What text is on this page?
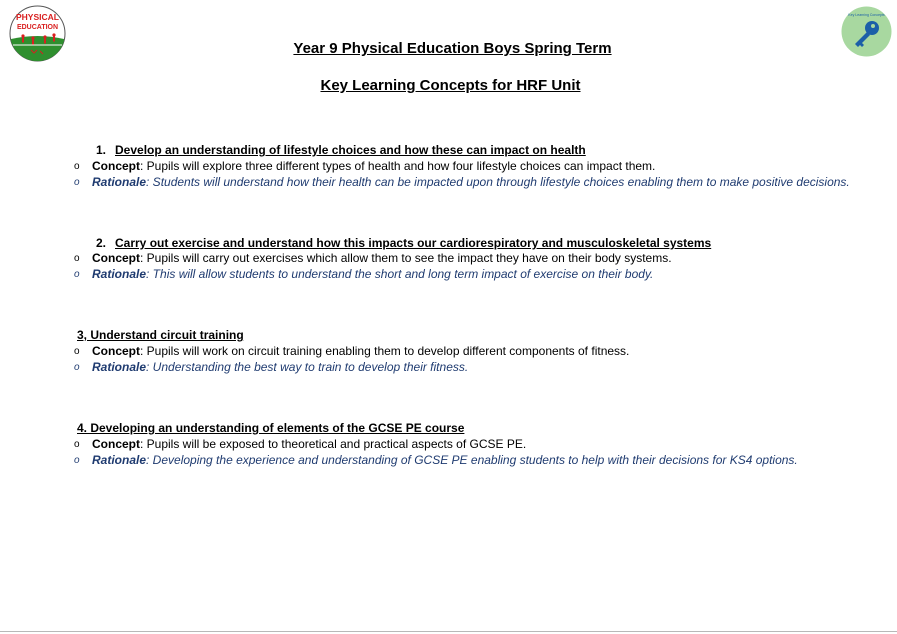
PHYSICAL
EDUCATION
Key Learning Concepts
Year 9 Physical Education Boys Spring Term
Key Learning Concepts for HRF Unit
1. Develop an understanding of lifestyle choices and how these can impact on health
o Concept: Pupils will explore three different types of health and how four lifestyle choices can impact them.
o Rationale: Students will understand how their health can be impacted upon through lifestyle choices enabling them to make positive decisions.
2. Carry out exercise and understand how this impacts our cardiorespiratory and musculoskeletal systems
o Concept: Pupils will carry out exercises which allow them to see the impact they have on their body systems.
o Rationale: This will allow students to understand the short and long term impact of exercise on their body.
3, Understand circuit training
o Concept: Pupils will work on circuit training enabling them to develop different components of fitness.
o Rationale: Understanding the best way to train to develop their fitness.
4. Developing an understanding of elements of the GCSE PE course
o Concept: Pupils will be exposed to theoretical and practical aspects of GCSE PE.
o Rationale: Developing the experience and understanding of GCSE PE enabling students to help with their decisions for KS4 options.
